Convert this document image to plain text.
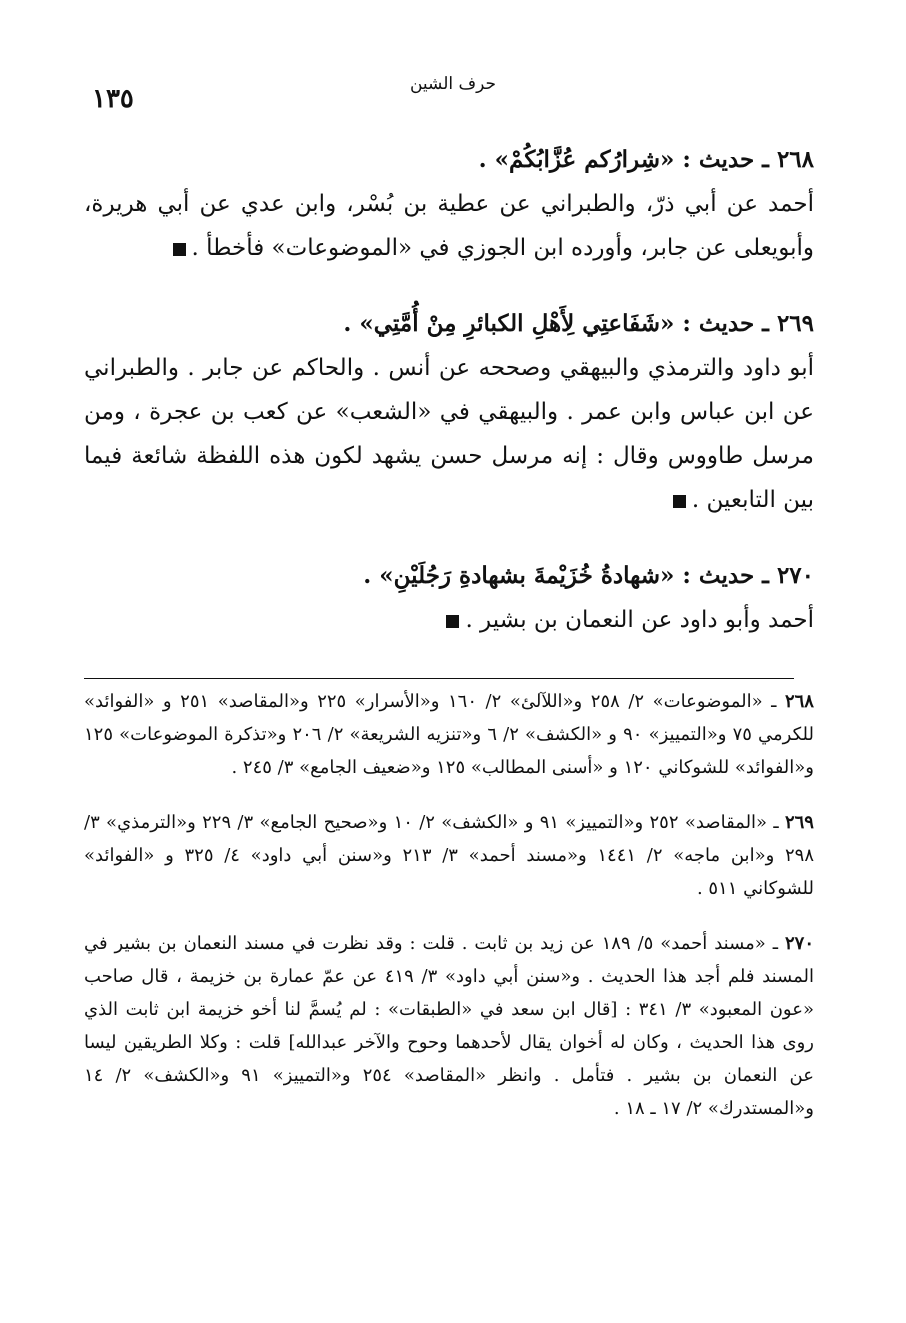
حرف الشين
١٣٥
٢٦٨ ـ حديث : «شِرارُكم عُزَّابُكُمْ» .
أحمد عن أبي ذرّ، والطبراني عن عطية بن بُسْر، وابن عدي عن أبي هريرة، وأبويعلى عن جابر، وأورده ابن الجوزي في «الموضوعات» فأخطأ .
٢٦٩ ـ حديث : «شَفَاعتِي لِأَهْلِ الكبائرِ مِنْ أُمَّتِي» .
أبو داود والترمذي والبيهقي وصححه عن أنس . والحاكم عن جابر . والطبراني عن ابن عباس وابن عمر . والبيهقي في «الشعب» عن كعب بن عجرة ، ومن مرسل طاووس وقال : إنه مرسل حسن يشهد لكون هذه اللفظة شائعة فيما بين التابعين .
٢٧٠ ـ حديث : «شهادةُ خُزَيْمةَ بشهادةِ رَجُلَيْنِ» .
أحمد وأبو داود عن النعمان بن بشير .
٢٦٨ ـ «الموضوعات» ٢/ ٢٥٨ و«اللآلئ» ٢/ ١٦٠ و«الأسرار» ٢٢٥ و«المقاصد» ٢٥١ و «الفوائد» للكرمي ٧٥ و«التمييز» ٩٠ و «الكشف» ٢/ ٦ و«تنزيه الشريعة» ٢/ ٢٠٦ و«تذكرة الموضوعات» ١٢٥ و«الفوائد» للشوكاني ١٢٠ و «أسنى المطالب» ١٢٥ و«ضعيف الجامع» ٣/ ٢٤٥ .
٢٦٩ ـ «المقاصد» ٢٥٢ و«التمييز» ٩١ و «الكشف» ٢/ ١٠ و«صحيح الجامع» ٣/ ٢٢٩ و«الترمذي» ٣/ ٢٩٨ و«ابن ماجه» ٢/ ١٤٤١ و«مسند أحمد» ٣/ ٢١٣ و«سنن أبي داود» ٤/ ٣٢٥ و «الفوائد» للشوكاني ٥١١ .
٢٧٠ ـ «مسند أحمد» ٥/ ١٨٩ عن زيد بن ثابت . قلت : وقد نظرت في مسند النعمان بن بشير في المسند فلم أجد هذا الحديث . و«سنن أبي داود» ٣/ ٤١٩ عن عمّ عمارة بن خزيمة ، قال صاحب «عون المعبود» ٣/ ٣٤١ : [قال ابن سعد في «الطبقات» : لم يُسمَّ لنا أخو خزيمة ابن ثابت الذي روى هذا الحديث ، وكان له أخوان يقال لأحدهما وحوح والآخر عبدالله] قلت : وكلا الطريقين ليسا عن النعمان بن بشير . فتأمل . وانظر «المقاصد» ٢٥٤ و«التمييز» ٩١ و«الكشف» ٢/ ١٤ و«المستدرك» ٢/ ١٧ ـ ١٨ .
